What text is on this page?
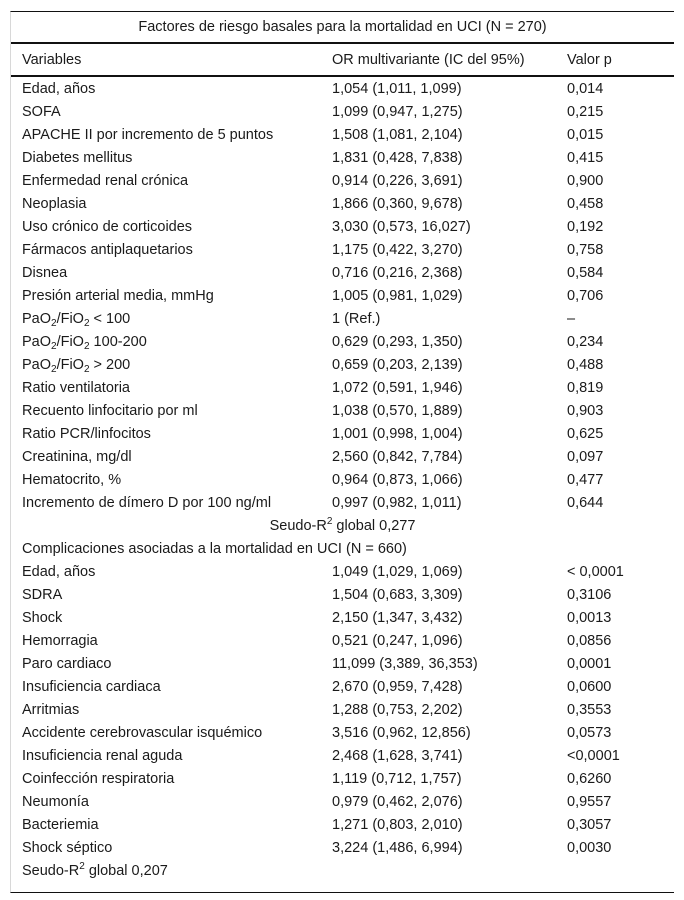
Factores de riesgo basales para la mortalidad en UCI (N = 270)
Variables	OR multivariante (IC del 95%)	Valor p
Edad, años	1,054 (1,011, 1,099)	0,014
SOFA	1,099 (0,947, 1,275)	0,215
APACHE II por incremento de 5 puntos	1,508 (1,081, 2,104)	0,015
Diabetes mellitus	1,831 (0,428, 7,838)	0,415
Enfermedad renal crónica	0,914 (0,226, 3,691)	0,900
Neoplasia	1,866 (0,360, 9,678)	0,458
Uso crónico de corticoides	3,030 (0,573, 16,027)	0,192
Fármacos antiplaquetarios	1,175 (0,422, 3,270)	0,758
Disnea	0,716 (0,216, 2,368)	0,584
Presión arterial media, mmHg	1,005 (0,981, 1,029)	0,706
PaO$_2$/FiO$_2$ < 100	1 (Ref.)	–
PaO$_2$/FiO$_2$ 100-200	0,629 (0,293, 1,350)	0,234
PaO$_2$/FiO$_2$ > 200	0,659 (0,203, 2,139)	0,488
Ratio ventilatoria	1,072 (0,591, 1,946)	0,819
Recuento linfocitario por ml	1,038 (0,570, 1,889)	0,903
Ratio PCR/linfocitos	1,001 (0,998, 1,004)	0,625
Creatinina, mg/dl	2,560 (0,842, 7,784)	0,097
Hematocrito, %	0,964 (0,873, 1,066)	0,477
Incremento de dímero D por 100 ng/ml	0,997 (0,982, 1,011)	0,644
Seudo-$R^2$ global 0,277
Complicaciones asociadas a la mortalidad en UCI (N = 660)
Edad, años	1,049 (1,029, 1,069)	< 0,0001
SDRA	1,504 (0,683, 3,309)	0,3106
Shock	2,150 (1,347, 3,432)	0,0013
Hemorragia	0,521 (0,247, 1,096)	0,0856
Paro cardiaco	11,099 (3,389, 36,353)	0,0001
Insuficiencia cardiaca	2,670 (0,959, 7,428)	0,0600
Arritmias	1,288 (0,753, 2,202)	0,3553
Accidente cerebrovascular isquémico	3,516 (0,962, 12,856)	0,0573
Insuficiencia renal aguda	2,468 (1,628, 3,741)	<0,0001
Coinfección respiratoria	1,119 (0,712, 1,757)	0,6260
Neumonía	0,979 (0,462, 2,076)	0,9557
Bacteriemia	1,271 (0,803, 2,010)	0,3057
Shock séptico	3,224 (1,486, 6,994)	0,0030
Seudo-$R^2$ global 0,207
